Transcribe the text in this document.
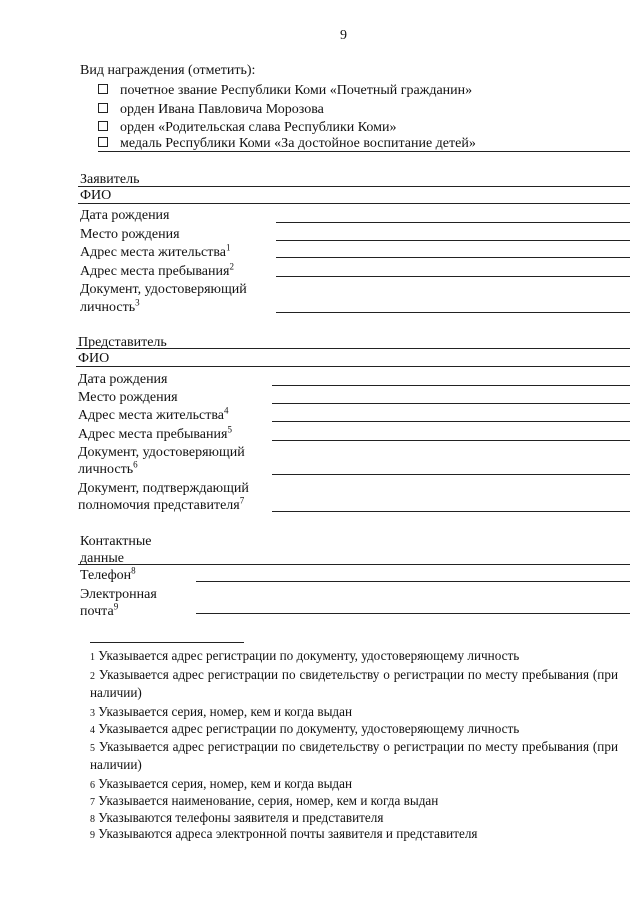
9
Вид награждения (отметить):
почетное звание Республики Коми «Почетный гражданин»
орден Ивана Павловича Морозова
орден «Родительская слава Республики Коми»
медаль Республики Коми «За достойное воспитание детей»
Заявитель
ФИО
Дата рождения
Место рождения
Адрес места жительства$^1$
Адрес места пребывания$^2$
Документ, удостоверяющий
личность$^3$
Представитель
ФИО
Дата рождения
Место рождения
Адрес места жительства$^4$
Адрес места пребывания$^5$
Документ, удостоверяющий
личность$^6$
Документ, подтверждающий
полномочия представителя$^7$
Контактные
данные
Телефон$^8$
Электронная
почта$^9$
1 Указывается адрес регистрации по документу, удостоверяющему личность
2 Указывается адрес регистрации по свидетельству о регистрации по месту пребывания (при наличии)
3 Указывается серия, номер, кем и когда выдан
4 Указывается адрес регистрации по документу, удостоверяющему личность
5 Указывается адрес регистрации по свидетельству о регистрации по месту пребывания (при наличии)
6 Указывается серия, номер, кем и когда выдан
7 Указывается наименование, серия, номер, кем и когда выдан
8 Указываются телефоны заявителя и представителя
9 Указываются адреса электронной почты заявителя и представителя
